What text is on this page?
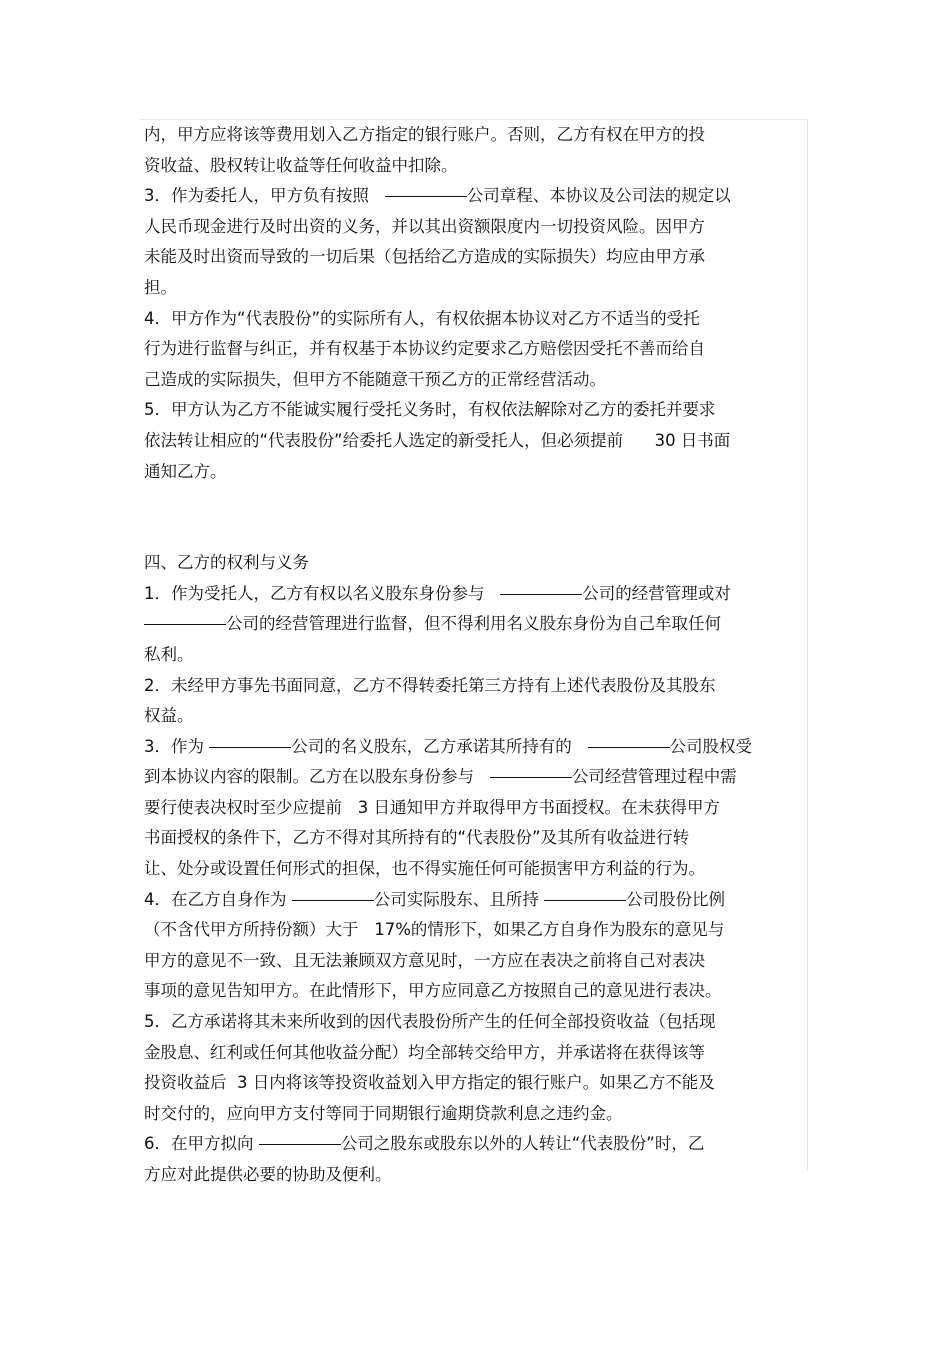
内，甲方应将该等费用划入乙方指定的银行账户。否则，乙方有权在甲方的投
资收益、股权转让收益等任何收益中扣除。
3．作为委托人，甲方负有按照	公司章程、本协议及公司法的规定以
人民币现金进行及时出资的义务，并以其出资额限度内一切投资风险。因甲方
未能及时出资而导致的一切后果（包括给乙方造成的实际损失）均应由甲方承
担。
4．甲方作为“代表股份”的实际所有人，有权依据本协议对乙方不适当的受托
行为进行监督与纠正，并有权基于本协议约定要求乙方赔偿因受托不善而给自
己造成的实际损失，但甲方不能随意干预乙方的正常经营活动。
5．甲方认为乙方不能诚实履行受托义务时，有权依法解除对乙方的委托并要求
依法转让相应的“代表股份”给委托人选定的新受托人，但必须提前      30 日书面
通知乙方。
四、乙方的权利与义务
1．作为受托人，乙方有权以名义股东身份参与	公司的经营管理或对
公司的经营管理进行监督，但不得利用名义股东身份为自己牟取任何
私利。
2．未经甲方事先书面同意，乙方不得转委托第三方持有上述代表股份及其股东
权益。
3．作为	公司的名义股东，乙方承诺其所持有的	公司股权受
到本协议内容的限制。乙方在以股东身份参与	公司经营管理过程中需
要行使表决权时至少应提前   3 日通知甲方并取得甲方书面授权。在未获得甲方
书面授权的条件下，乙方不得对其所持有的“代表股份”及其所有收益进行转
让、处分或设置任何形式的担保，也不得实施任何可能损害甲方利益的行为。
4．在乙方自身作为	公司实际股东、且所持	公司股份比例
（不含代甲方所持份额）大于   17%的情形下，如果乙方自身作为股东的意见与
甲方的意见不一致、且无法兼顾双方意见时，一方应在表决之前将自己对表决
事项的意见告知甲方。在此情形下，甲方应同意乙方按照自己的意见进行表决。
5．乙方承诺将其未来所收到的因代表股份所产生的任何全部投资收益（包括现
金股息、红利或任何其他收益分配）均全部转交给甲方，并承诺将在获得该等
投资收益后  3 日内将该等投资收益划入甲方指定的银行账户。如果乙方不能及
时交付的，应向甲方支付等同于同期银行逾期贷款利息之违约金。
6．在甲方拟向	公司之股东或股东以外的人转让“代表股份”时，乙
方应对此提供必要的协助及便利。
